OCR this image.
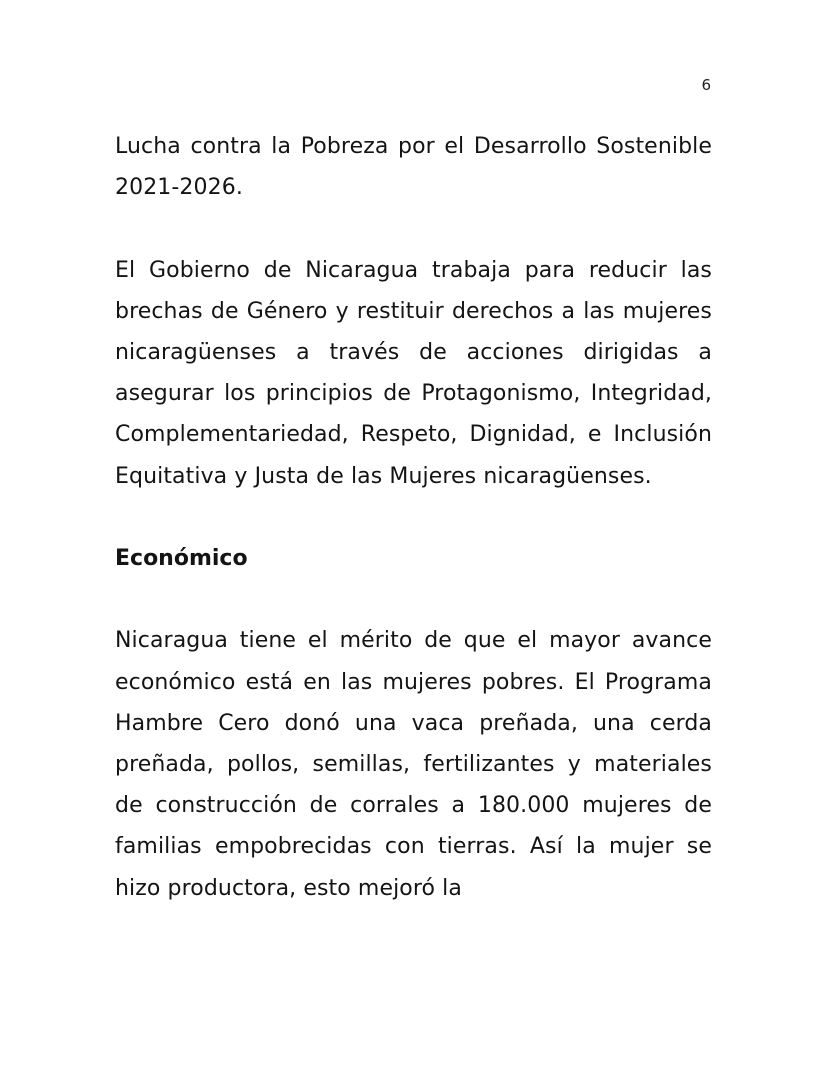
6

Lucha contra la Pobreza por el Desarrollo Sostenible 2021-2026.

El Gobierno de Nicaragua trabaja para reducir las brechas de Género y restituir derechos a las mujeres nicaragüenses a través de acciones dirigidas a asegurar los principios de Protagonismo, Integridad, Complementariedad, Respeto, Dignidad, e Inclusión Equitativa y Justa de las Mujeres nicaragüenses.

Económico

Nicaragua tiene el mérito de que el mayor avance económico está en las mujeres pobres. El Programa Hambre Cero donó una vaca preñada, una cerda preñada, pollos, semillas, fertilizantes y materiales de construcción de corrales a 180.000 mujeres de familias empobrecidas con tierras. Así la mujer se hizo productora, esto mejoró la
